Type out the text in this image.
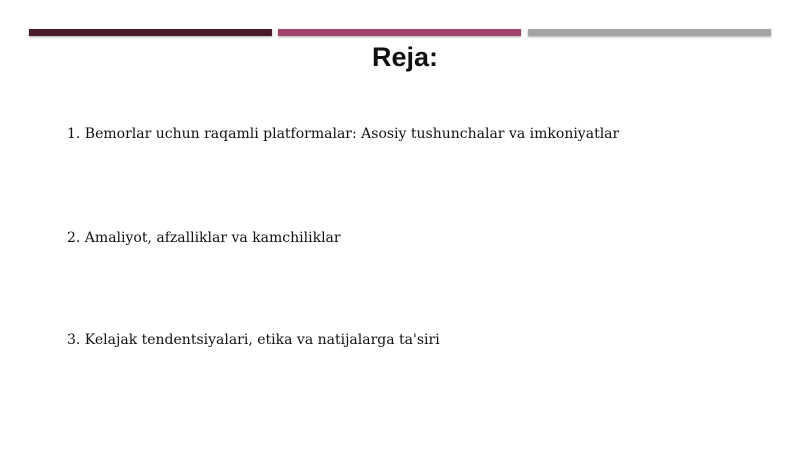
Reja:
1. Bemorlar uchun raqamli platformalar: Asosiy tushunchalar va imkoniyatlar
2. Amaliyot, afzalliklar va kamchiliklar
3. Kelajak tendentsiyalari, etika va natijalarga ta'siri
